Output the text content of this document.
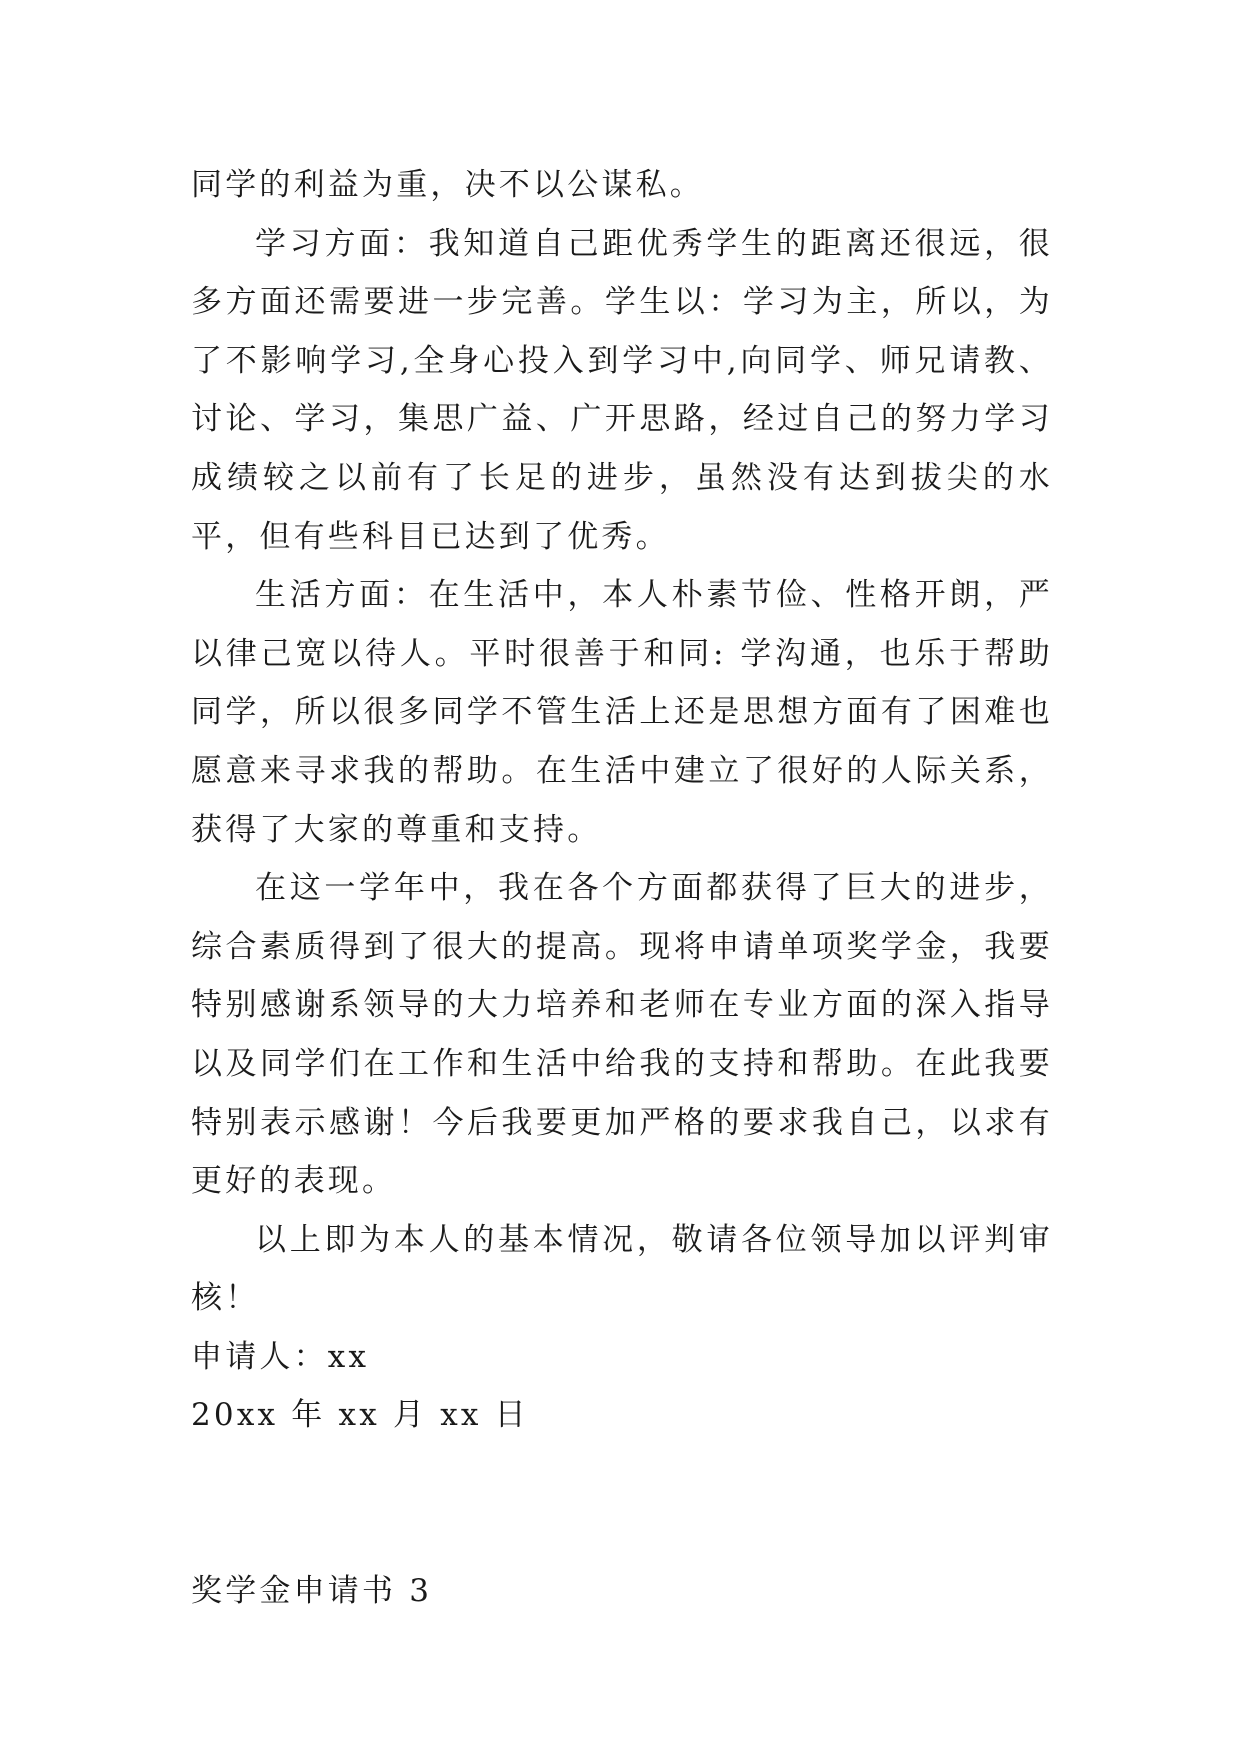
同学的利益为重，决不以公谋私。

学习方面：我知道自己距优秀学生的距离还很远，很多方面还需要进一步完善。学生以：学习为主，所以，为了不影响学习,全身心投入到学习中,向同学、师兄请教、讨论、学习，集思广益、广开思路，经过自己的努力学习成绩较之以前有了长足的进步，虽然没有达到拔尖的水平，但有些科目已达到了优秀。

生活方面：在生活中，本人朴素节俭、性格开朗，严以律己宽以待人。平时很善于和同: 学沟通，也乐于帮助同学，所以很多同学不管生活上还是思想方面有了困难也愿意来寻求我的帮助。在生活中建立了很好的人际关系，获得了大家的尊重和支持。

在这一学年中，我在各个方面都获得了巨大的进步，综合素质得到了很大的提高。现将申请单项奖学金，我要特别感谢系领导的大力培养和老师在专业方面的深入指导以及同学们在工作和生活中给我的支持和帮助。在此我要特别表示感谢！今后我要更加严格的要求我自己，以求有更好的表现。

以上即为本人的基本情况，敬请各位领导加以评判审核！

申请人：xx

20xx 年 xx 月 xx 日

奖学金申请书 3
